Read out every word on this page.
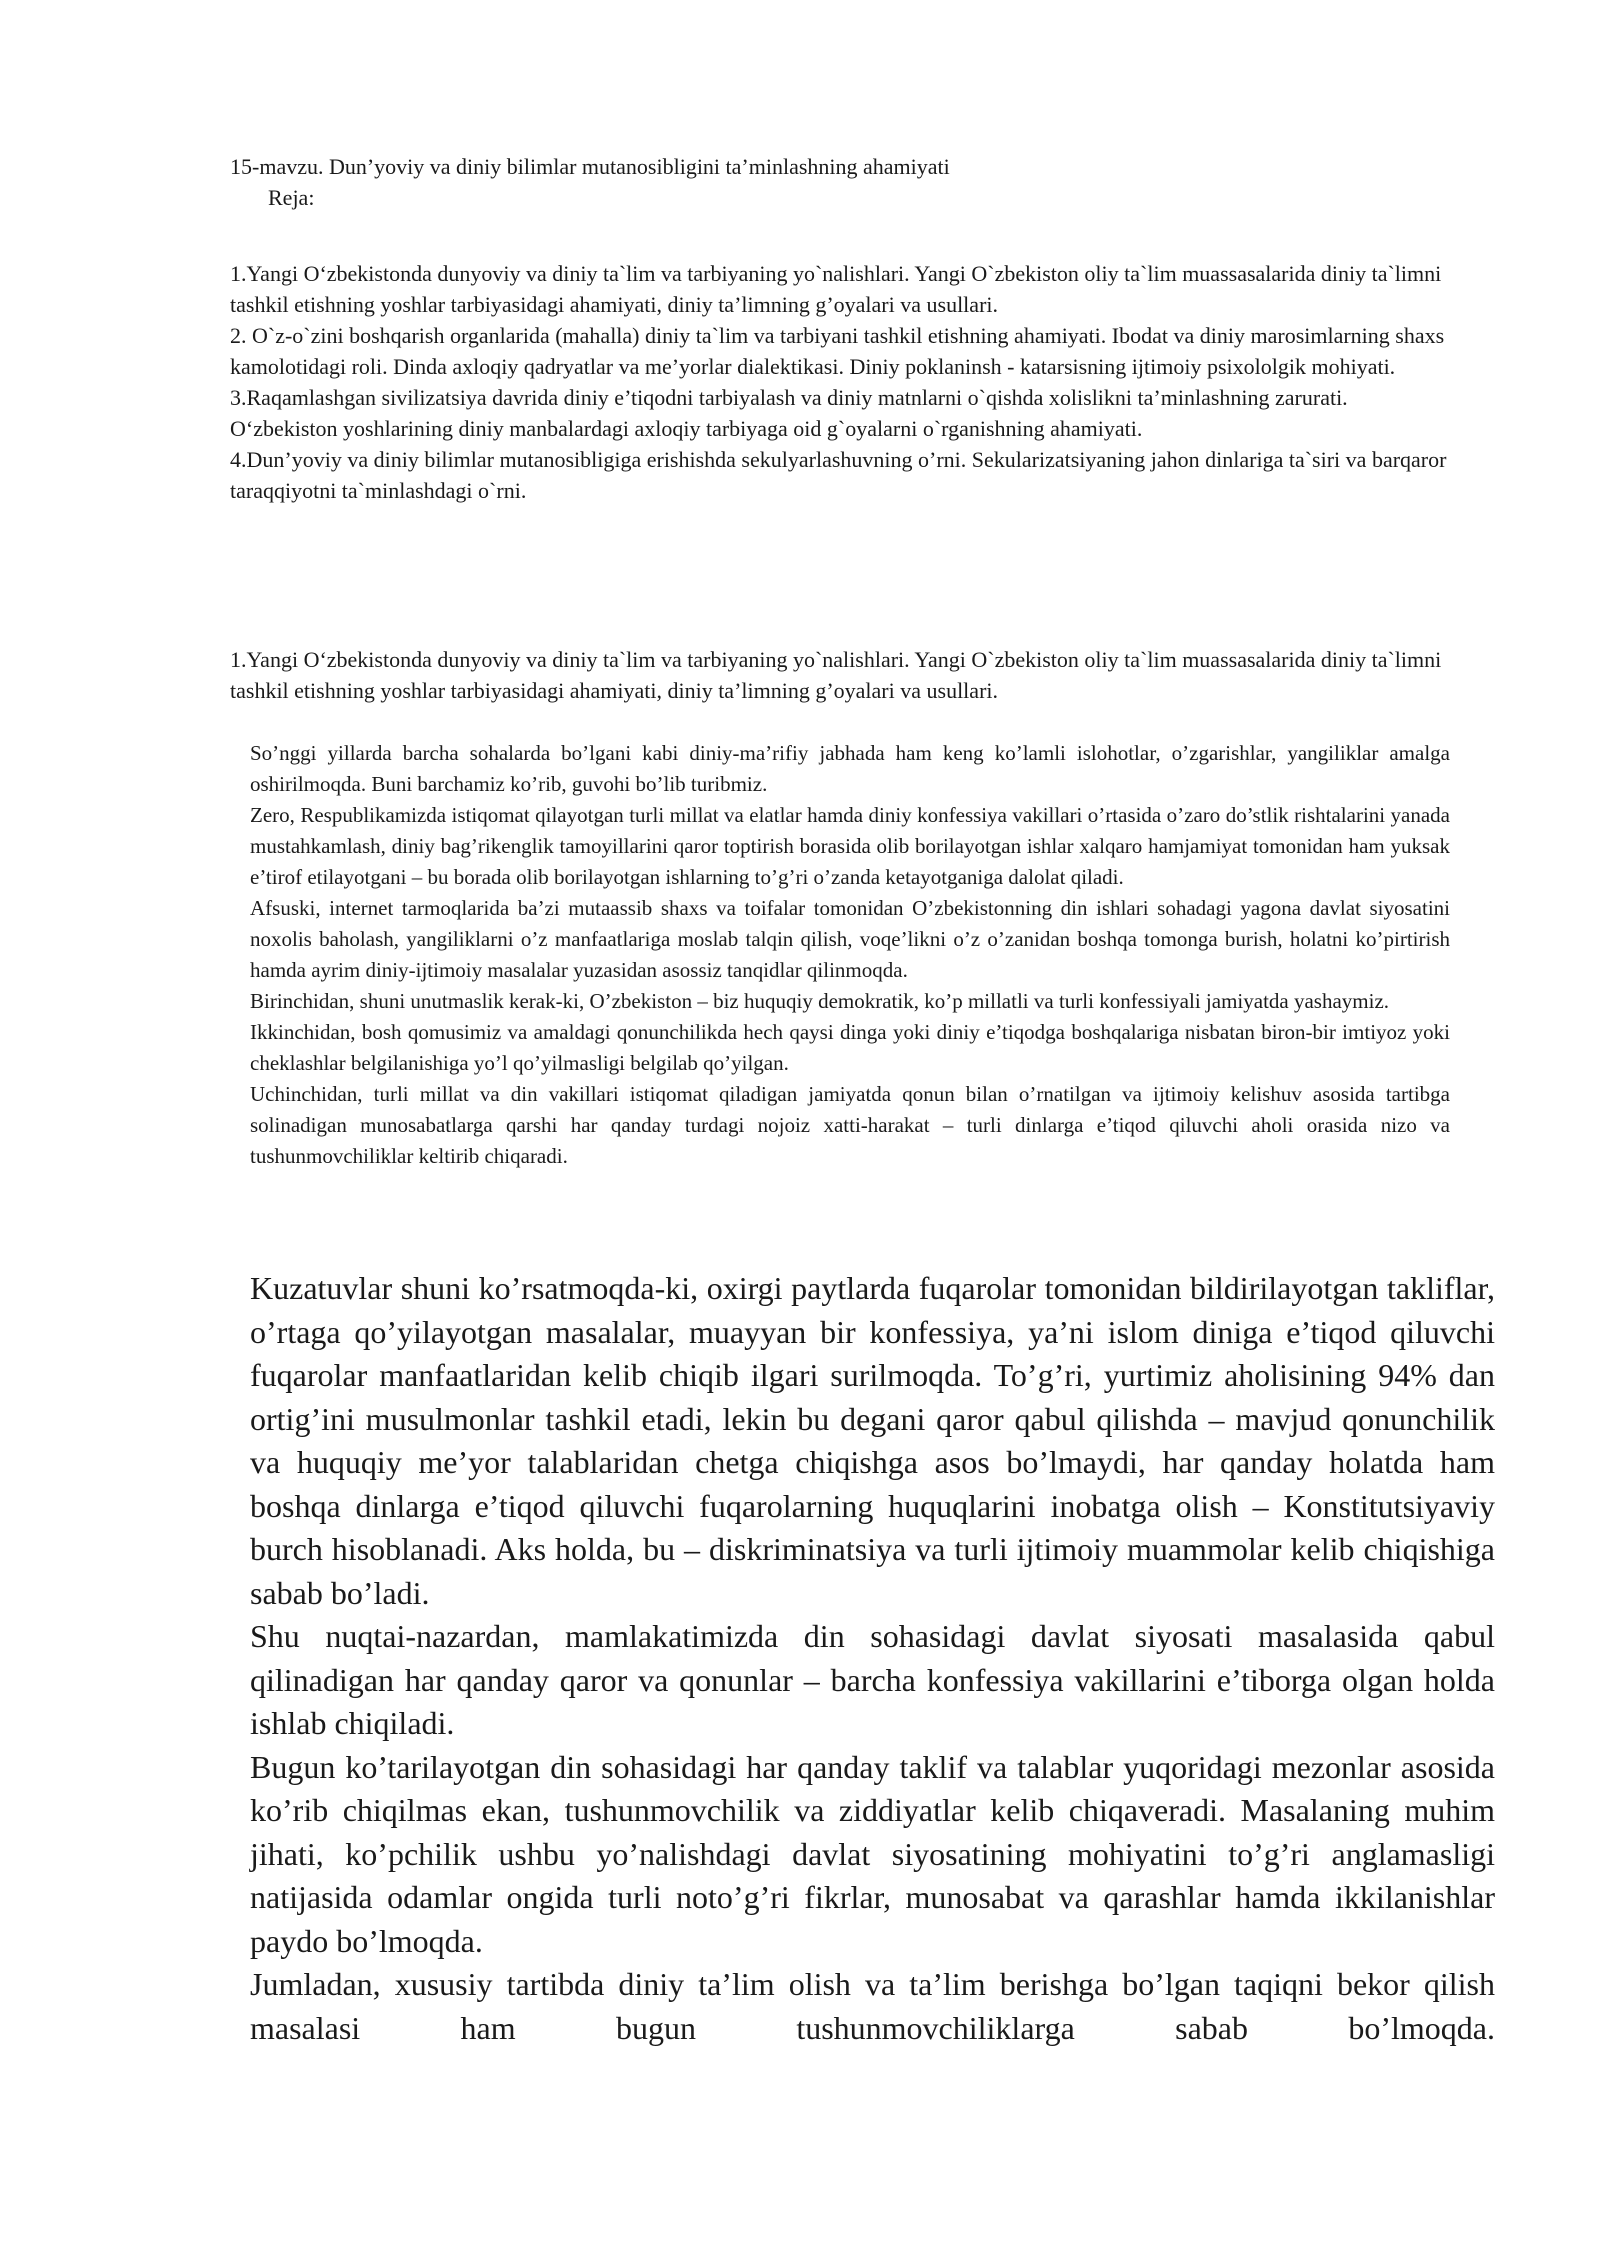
15-mavzu. Dun’yoviy va diniy bilimlar mutanosibligini ta’minlashning ahamiyati
Reja:

1.Yangi O‘zbekistonda dunyoviy va diniy ta`lim va tarbiyaning yo`nalishlari. Yangi O`zbekiston oliy ta`lim muassasalarida diniy ta`limni tashkil etishning yoshlar tarbiyasidagi ahamiyati, diniy ta’limning g’oyalari va usullari.

2. O`z-o`zini boshqarish organlarida (mahalla) diniy ta`lim va tarbiyani tashkil etishning ahamiyati. Ibodat va diniy marosimlarning shaxs kamolotidagi roli. Dinda axloqiy qadryatlar va me’yorlar dialektikasi. Diniy poklaninsh - katarsisning ijtimoiy psixololgik mohiyati.

3.Raqamlashgan sivilizatsiya davrida diniy e’tiqodni tarbiyalash va diniy matnlarni o`qishda xolislikni ta’minlashning zarurati. O‘zbekiston yoshlarining diniy manbalardagi axloqiy tarbiyaga oid g`oyalarni o`rganishning ahamiyati.

4.Dun’yoviy va diniy bilimlar mutanosibligiga erishishda sekulyarlashuvning o’rni. Sekularizatsiyaning jahon dinlariga ta`siri va barqaror taraqqiyotni ta`minlashdagi o`rni.

1.Yangi O‘zbekistonda dunyoviy va diniy ta`lim va tarbiyaning yo`nalishlari. Yangi O`zbekiston oliy ta`lim muassasalarida diniy ta`limni tashkil etishning yoshlar tarbiyasidagi ahamiyati, diniy ta’limning g’oyalari va usullari.

So’nggi yillarda barcha sohalarda bo’lgani kabi diniy-ma’rifiy jabhada ham keng ko’lamli islohotlar, o’zgarishlar, yangiliklar amalga oshirilmoqda. Buni barchamiz ko’rib, guvohi bo’lib turibmiz.

Zero, Respublikamizda istiqomat qilayotgan turli millat va elatlar hamda diniy konfessiya vakillari o’rtasida o’zaro do’stlik rishtalarini yanada mustahkamlash, diniy bag’rikenglik tamoyillarini qaror toptirish borasida olib borilayotgan ishlar xalqaro hamjamiyat tomonidan ham yuksak e’tirof etilayotgani – bu borada olib borilayotgan ishlarning to’g’ri o’zanda ketayotganiga dalolat qiladi.

Afsuski, internet tarmoqlarida ba’zi mutaassib shaxs va toifalar tomonidan O’zbekistonning din ishlari sohadagi yagona davlat siyosatini noxolis baholash, yangiliklarni o’z manfaatlariga moslab talqin qilish, voqe’likni o’z o’zanidan boshqa tomonga burish, holatni ko’pirtirish hamda ayrim diniy-ijtimoiy masalalar yuzasidan asossiz tanqidlar qilinmoqda.

Birinchidan, shuni unutmaslik kerak-ki, O’zbekiston – biz huquqiy demokratik, ko’p millatli va turli konfessiyali jamiyatda yashaymiz.

Ikkinchidan, bosh qomusimiz va amaldagi qonunchilikda hech qaysi dinga yoki diniy e’tiqodga boshqalariga nisbatan biron-bir imtiyoz yoki cheklashlar belgilanishiga yo’l qo’yilmasligi belgilab qo’yilgan.

Uchinchidan, turli millat va din vakillari istiqomat qiladigan jamiyatda qonun bilan o’rnatilgan va ijtimoiy kelishuv asosida tartibga solinadigan munosabatlarga qarshi har qanday turdagi nojoiz xatti-harakat – turli dinlarga e’tiqod qiluvchi aholi orasida nizo va tushunmovchiliklar keltirib chiqaradi.

Kuzatuvlar shuni ko’rsatmoqda-ki, oxirgi paytlarda fuqarolar tomonidan bildirilayotgan takliflar, o’rtaga qo’yilayotgan masalalar, muayyan bir konfessiya, ya’ni islom diniga e’tiqod qiluvchi fuqarolar manfaatlaridan kelib chiqib ilgari surilmoqda. To’g’ri, yurtimiz aholisining 94% dan ortig’ini musulmonlar tashkil etadi, lekin bu degani qaror qabul qilishda – mavjud qonunchilik va huquqiy me’yor talablaridan chetga chiqishga asos bo’lmaydi, har qanday holatda ham boshqa dinlarga e’tiqod qiluvchi fuqarolarning huquqlarini inobatga olish – Konstitutsiyaviy burch hisoblanadi. Aks holda, bu – diskriminatsiya va turli ijtimoiy muammolar kelib chiqishiga sabab bo’ladi.

Shu nuqtai-nazardan, mamlakatimizda din sohasidagi davlat siyosati masalasida qabul qilinadigan har qanday qaror va qonunlar – barcha konfessiya vakillarini e’tiborga olgan holda ishlab chiqiladi.

Bugun ko’tarilayotgan din sohasidagi har qanday taklif va talablar yuqoridagi mezonlar asosida ko’rib chiqilmas ekan, tushunmovchilik va ziddiyatlar kelib chiqaveradi. Masalaning muhim jihati, ko’pchilik ushbu yo’nalishdagi davlat siyosatining mohiyatini to’g’ri anglamasligi natijasida odamlar ongida turli noto’g’ri fikrlar, munosabat va qarashlar hamda ikkilanishlar paydo bo’lmoqda.

Jumladan, xususiy tartibda diniy ta’lim olish va ta’lim berishga bo’lgan taqiqni bekor qilish masalasi ham bugun tushunmovchiliklarga sabab bo’lmoqda.
